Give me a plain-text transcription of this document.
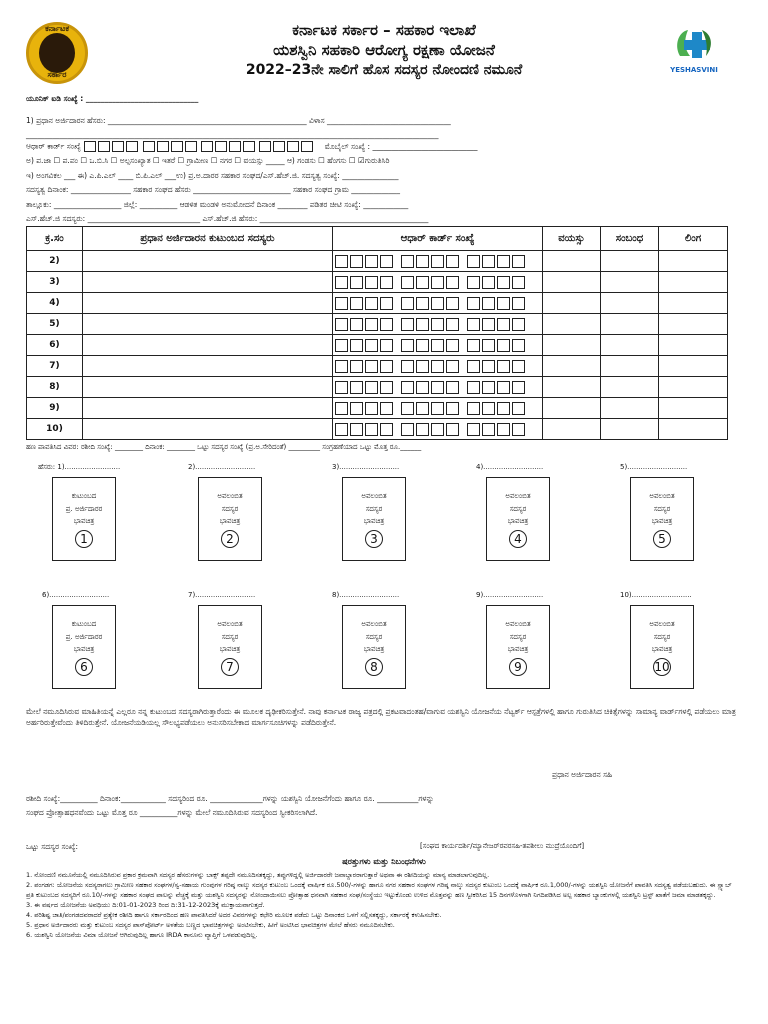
ಕರ್ನಾಟಕ
ಸರ್ಕಾರ	YESHASVINI
ಕರ್ನಾಟಕ ಸರ್ಕಾರ – ಸಹಕಾರ ಇಲಾಖೆ
ಯಶಸ್ವಿನಿ ಸಹಕಾರಿ ಆರೋಗ್ಯ ರಕ್ಷಣಾ ಯೋಜನೆ
2022–23ನೇ ಸಾಲಿಗೆ ಹೊಸ ಸದಸ್ಯರ ನೋಂದಣಿ ನಮೂನೆ
ಯೂನಿಕ್ ಐಡಿ ಸಂಖ್ಯೆ : ______________________________
1) ಪ್ರಧಾನ ಅರ್ಜಿದಾರನ ಹೆಸರು: _____________________________________________________ ವಿಳಾಸ _________________________________
______________________________________________________________________________________________________________
ಆಧಾರ್ ಕಾರ್ಡ್ ಸಂಖ್ಯೆ	ಮೊಬೈಲ್ ಸಂಖ್ಯೆ : ____________________________
ಅ) ಪ.ಜಾ ☐ ಪ.ಪಂ ☐ ಒ.ಬಿ.ಸಿ ☐ ಅಲ್ಪಸಂಖ್ಯಾತ ☐ ಇತರೆ ☐ ಗ್ರಾಮೀಣ ☐ ನಗರ ☐ ವಯಸ್ಸು _____ ಆ) ಗಂಡಸು ☐ ಹೆಂಗಸು ☐ ☑ಗುರುತಿಸಿರಿ
ಇ) ಅಂಗವಿಕಲ ___ ಈ) ಎ.ಪಿ.ಎಲ್ ____ ಬಿ.ಪಿ.ಎಲ್ ___ಉ) ಪ್ರ.ಅ.ದಾರರ ಸಹಕಾರ ಸಂಘದ/ಎಸ್.ಹೆಚ್.ಜಿ. ಸದಸ್ಯತ್ವ ಸಂಖ್ಯೆ: _______________
ಸದಸ್ಯತ್ವ ದಿನಾಂಕ: ________________ ಸಹಕಾರ ಸಂಘದ ಹೆಸರು __________________________ ಸಹಕಾರ ಸಂಘದ ಗ್ರಾಮ _____________
ತಾಲ್ಲೂಕು: __________________ ಜಿಲ್ಲೆ: __________ ಆಡಳಿತ ಮಂಡಳಿ ಅನುಮೋದನೆ ದಿನಾಂಕ ________ ಪಡಿತರ ಚೀಟಿ ಸಂಖ್ಯೆ: ____________
ಎಸ್.ಹೆಚ್.ಜಿ ಸದಸ್ಯರು: ______________________________ ಎಸ್.ಹೆಚ್.ಜಿ ಹೆಸರು: _____________________________________________
ಕ್ರ.ಸಂ	ಪ್ರಧಾನ ಅರ್ಜಿದಾರನ ಕುಟುಂಬದ ಸದಸ್ಯರು	ಆಧಾರ್ ಕಾರ್ಡ್ ಸಂಖ್ಯೆ	ವಯಸ್ಸು	ಸಂಬಂಧ	ಲಿಂಗ
2)		

3)		

4)		

5)		

6)		

7)		

8)		

9)		

10)		

ಹಣ ಪಾವತಿಸಿದ ವಿವರ: ರಶೀದಿ ಸಂಖ್ಯೆ: ________ ದಿನಾಂಕ: ________ ಒಟ್ಟು ಸದಸ್ಯರ ಸಂಖ್ಯೆ (ಪ್ರ.ಅ.ಸೇರಿದಂತೆ) _________ ಸಂಗ್ರಹಣೆಯಾದ ಒಟ್ಟು ಮೊತ್ತ ರೂ.______
ಹೆಸರು: 1).........................
ಕುಟುಂಬದ
ಪ್ರ. ಅರ್ಜಿದಾರರ
ಭಾವಚಿತ್ರ
1
2)...........................
ಅವಲಂಬಿತ
ಸದಸ್ಯರ
ಭಾವಚಿತ್ರ
2
3)...........................
ಅವಲಂಬಿತ
ಸದಸ್ಯರ
ಭಾವಚಿತ್ರ
3
4)...........................
ಅವಲಂಬಿತ
ಸದಸ್ಯರ
ಭಾವಚಿತ್ರ
4
5)...........................
ಅವಲಂಬಿತ
ಸದಸ್ಯರ
ಭಾವಚಿತ್ರ
5
6)...........................
ಕುಟುಂಬದ
ಪ್ರ. ಅರ್ಜಿದಾರರ
ಭಾವಚಿತ್ರ
6
7)...........................
ಅವಲಂಬಿತ
ಸದಸ್ಯರ
ಭಾವಚಿತ್ರ
7
8)...........................
ಅವಲಂಬಿತ
ಸದಸ್ಯರ
ಭಾವಚಿತ್ರ
8
9)...........................
ಅವಲಂಬಿತ
ಸದಸ್ಯರ
ಭಾವಚಿತ್ರ
9
10)...........................
ಅವಲಂಬಿತ
ಸದಸ್ಯರ
ಭಾವಚಿತ್ರ
10
ಮೇಲೆ ನಮೂದಿಸಿರುವ ಮಾಹಿತಿಯನ್ನೆ ಎಲ್ಲರೂ ನನ್ನ ಕುಟುಂಬದ ಸದಸ್ಯರಾಗಿರುತ್ತಾರೆಂದು ಈ ಮೂಲಕ ದೃಢೀಕರಿಸುತ್ತೇನೆ. ನಾವು ಕರ್ನಾಟಕ ರಾಜ್ಯ ಪತ್ರದಲ್ಲಿ ಪ್ರಕಟವಾದಂತಹ/ವಾಗುವ ಯಶಸ್ವಿನಿ ಯೋಜನೆಯ ನೆಟ್ವರ್ಕ್ ಆಸ್ಪತ್ರೆಗಳಲ್ಲಿ ಹಾಗೂ ಗುರುತಿಸಿದ ಚಿಕಿತ್ಸೆಗಳನ್ನು ಸಾಮಾನ್ಯ ವಾರ್ಡ್‌ಗಳಲ್ಲಿ ಪಡೆಯಲು ಮಾತ್ರ ಅರ್ಹರಿರುತ್ತೇವೆಂದು ತಿಳಿದಿರುತ್ತೇನೆ. ಯೋಜನೆಯಡಿಯಲ್ಲ ಸೌಲಭ್ಯಪಡೆಯಲು ಅನುಸರಿಸಬೇಕಾದ ಮಾರ್ಗಸೂಚಿಗಳನ್ನು ಪಡೆದಿರುತ್ತೇನೆ.
ಪ್ರಧಾನ ಅರ್ಜಿದಾರನ ಸಹಿ
ರಶೀದಿ ಸಂಖ್ಯೆ:__________ ದಿನಾಂಕ:____________ ಸದಸ್ಯರಿಂದ ರೂ. ______________ಗಳನ್ನು ಯಶಸ್ವಿನಿ ಯೋಜನೆಗೆಂದು ಹಾಗೂ ರೂ. ___________ಗಳನ್ನು
ಸಂಘದ ಪ್ರೋತ್ಸಾಹಧನವೆಂದು ಒಟ್ಟು ಮೊತ್ತ ರೂ __________ಗಳನ್ನು ಮೇಲೆ ನಮೂದಿಸಿರುವ ಸದಸ್ಯರಿಂದ ಸ್ವೀಕರಿಸಲಾಗಿದೆ.
ಒಟ್ಟು ಸದಸ್ಯರ ಸಂಖ್ಯೆ:	[ಸಂಘದ ಕಾರ್ಯದರ್ಶಿ/ಮ್ಯಾನೇಜರ್‌ರವರಸಹಿ-ತಪಶೀಲು ಮುದ್ರೆಯೊಂದಿಗೆ]
ಷರತ್ತುಗಳು ಮತ್ತು ನಿಬಂಧನೆಗಳು
1. ನೋಂದಣಿ ನಮೂನೆಯಲ್ಲಿ ನಮೂದಿಸಿರುವ ಪ್ರಕಾರ ಕ್ರಮವಾಗಿ ಸದಸ್ಯರ ಹೆಸರುಗಳನ್ನು ಬಾಕ್ಸ್ ತಪ್ಪದೇ ನಮೂದಿಸತಕ್ಕದ್ದು, ತಪ್ಪುಗಳಿದ್ದಲ್ಲಿ ಅರ್ಜಿದಾರರೇ ಜವಾಬ್ದಾರರಾಗುತ್ತಾರೆ ಅಥವಾ ಈ ರಶೀದಿಯನ್ನು ಮಾನ್ಯ ಮಾಡಲಾಗುವುದಿಲ್ಲ.
2. ಪಂಗಡಗ: ಯೋಜನೆಯ ಸದಸ್ಯರಾಗಲು ಗ್ರಾಮೀಣ ಸಹಕಾರ ಸಂಘಗಳ/ಸ್ವ-ಸಹಾಯ ಗುಂಪುಗಳ ಗರಿಷ್ಠ ನಾಲ್ಕು ಸದಸ್ಯರ ಕುಟುಂಬ ಒಂದಕ್ಕೆ ವಾರ್ಷಿಕ ರೂ.500/-ಗಳನ್ನು ಹಾಗೂ ನಗರ ಸಹಕಾರ ಸಂಘಗಳ ಗರಿಷ್ಠ ನಾಲ್ಕು ಸದಸ್ಯರ ಕುಟುಂಬ ಒಂದಕ್ಕೆ ವಾರ್ಷಿಕ ರೂ.1,000/-ಗಳನ್ನು ಯಶಸ್ವಿನಿ ಯೋಜನೆಗೆ ಪಾವತಿಸಿ ಸದಸ್ಯತ್ವ ಪಡೆಯಬಹುದು. ಈ ಸ್ಲ್ಯಾಬ್ ಪ್ರತಿ ಕುಟುಂಬದ ಸದಸ್ಯರಿಗೆ ರೂ.10/-ಗಳನ್ನು ಸಹಕಾರ ಸಂಘದ ಪಾಲನ್ನು ವೆಚ್ಚಕ್ಕೆ ಮತ್ತು ಯಶಸ್ವಿನಿ ಸದಸ್ಯರನ್ನು ನೋಂದಾಯಿಸಲು ಪ್ರೋತ್ಸಾಹ ಧನವಾಗಿ ಸಹಕಾರ ಸಂಘ/ಸಂಸ್ಥೆಯು ಇಟ್ಟುಕೊಂಡು ಉಳಿದ ಮೊತ್ತವನ್ನು ಹಣ ಸ್ವೀಕರಿಸಿದ 15 ದಿನಗಳೊಳಗಾಗಿ ನಿಗದಿಪಡಿಸಿದ ಅಲ್ಪ ಸಹಕಾರ ಬ್ಯಾಂಕುಗಳಲ್ಲಿ ಯಶಸ್ವಿನಿ ಟ್ರಸ್ಟ್ ಖಾತೆಗೆ ಜಮಾ ಮಾಡತಕ್ಕದ್ದು.
3. ಈ ವರ್ಷದ ಯೋಜನೆಯ ಅವಧಿಯು ದಿ:01-01-2023 ರಿಂದ ದಿ:31-12-2023ಕ್ಕೆ ಮುಕ್ತಾಯವಾಗುತ್ತದೆ.
4. ಪರಿಶಿಷ್ಟ ಜಾತಿ/ಪಂಗಡದವರಾದರೆ ಪ್ರತ್ಯೇಕ ರಶೀದಿ ಹಾಗೂ ಸರ್ಕಾರದಿಂದ ಹಣ ಪಾವತಿಸಿದರೆ ಅದರ ವಿವರಗಳನ್ನು ಕಛೇರಿ ಮೂಲಕ ಪಡೆದು ಒಟ್ಟು ದಿನಾಂಕದ ಒಳಗೆ ಸಲ್ಲಿಸತಕ್ಕದ್ದು, ಸರ್ಕಾರಕ್ಕೆ ಕಳುಹಿಸಬೇಕು.
5. ಪ್ರಧಾನ ಅರ್ಜಿದಾರರು ಮತ್ತು ಕುಟುಂಬ ಸದಸ್ಯರ ಪಾಸ್‌ಪೋರ್ಟ್ ಅಳತೆಯ ಬಣ್ಣದ ಭಾವಚಿತ್ರಗಳನ್ನು ಅಂಟಿಸಬೇಕು, ಹೀಗೆ ಅಂಟಿಸಿದ ಭಾವಚಿತ್ರಗಳ ಮೇಲೆ ಹೆಸರು ನಮೂದಿಸಬೇಕು.
6. ಯಶಸ್ವಿನಿ ಯೋಜನೆಯ ವಿಮಾ ಯೋಜನೆ ಆಗಿರುವುದಿಲ್ಲ ಹಾಗೂ IRDA ಕಾನೂನು ವ್ಯಾಪ್ತಿಗೆ ಒಳಪಡುವುದಿಲ್ಲ.
